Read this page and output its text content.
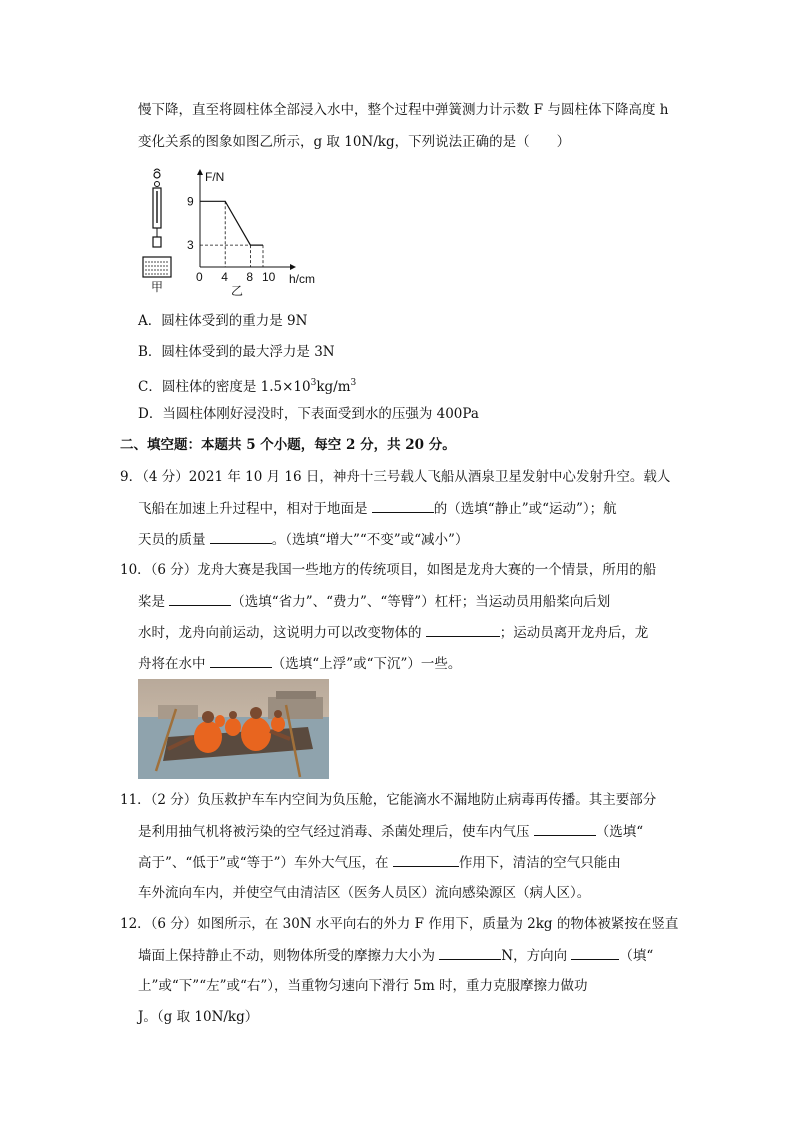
慢下降，直至将圆柱体全部浸入水中，整个过程中弹簧测力计示数 F 与圆柱体下降高度 h
变化关系的图象如图乙所示，g 取 10N/kg，下列说法正确的是（　　）
甲
F/N
h/cm
0 4 8 10
9
3
乙
A．圆柱体受到的重力是 9N
B．圆柱体受到的最大浮力是 3N
C．圆柱体的密度是 $1.5\times 10^3kg/m^3$
D．当圆柱体刚好浸没时，下表面受到水的压强为 400Pa
二、填空题：本题共 5 个小题，每空 2 分，共 20 分。
9．（4 分）2021 年 10 月 16 日，神舟十三号载人飞船从酒泉卫星发射中心发射升空。载人
飞船在加速上升过程中，相对于地面是	的（选填“静止”或“运动”）；航
天员的质量	。（选填“增大”“不变”或“减小”）
10．（6 分）龙舟大赛是我国一些地方的传统项目，如图是龙舟大赛的一个情景，所用的船
桨是	（选填“省力”、“费力”、“等臂”）杠杆；当运动员用船桨向后划
水时，龙舟向前运动，这说明力可以改变物体的	；运动员离开龙舟后，龙
舟将在水中	（选填“上浮”或“下沉”）一些。
11．（2 分）负压救护车车内空间为负压舱，它能滴水不漏地防止病毒再传播。其主要部分
是利用抽气机将被污染的空气经过消毒、杀菌处理后，使车内气压	（选填“
高于”、“低于”或“等于”）车外大气压，在	作用下，清洁的空气只能由
车外流向车内，并使空气由清洁区（医务人员区）流向感染源区（病人区）。
12．（6 分）如图所示，在 30N 水平向右的外力 F 作用下，质量为 2kg 的物体被紧按在竖直
墙面上保持静止不动，则物体所受的摩擦力大小为	N，方向向	（填“
上”或“下”“左”或“右”），当重物匀速向下滑行 5m 时，重力克服摩擦力做功
J。（g 取 10N/kg）
